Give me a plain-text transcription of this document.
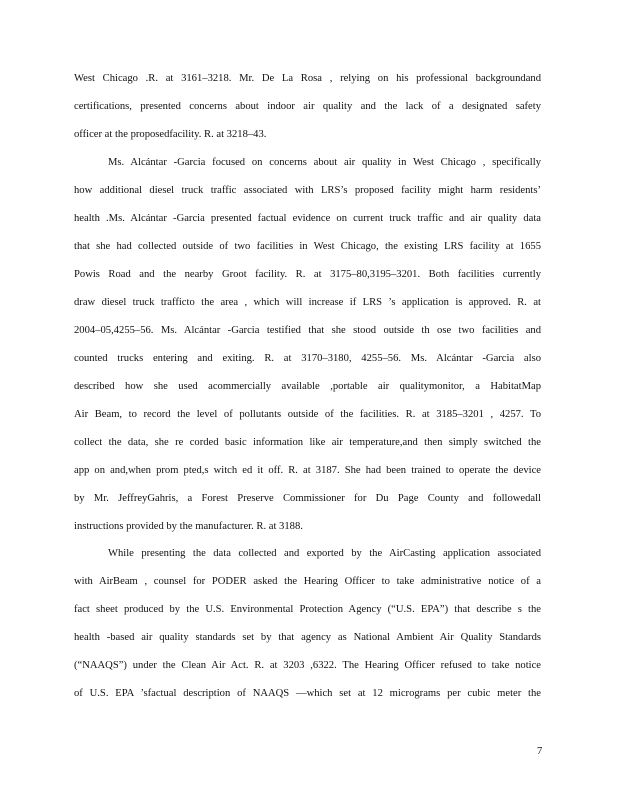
West Chicago .R. at 3161–3218. Mr. De La Rosa , relying on his professional backgroundand
certifications, presented concerns about indoor air quality and the lack of a designated safety
officer at the proposedfacility. R. at 3218–43.
Ms. Alcántar -Garcia focused on concerns about air quality in West Chicago , specifically
how additional diesel truck traffic associated with LRS’s proposed facility might harm residents’
health .Ms. Alcántar -Garcia presented factual evidence on current truck traffic and air quality data
that she had collected outside of two facilities in West Chicago, the existing LRS facility at 1655
Powis Road and the nearby Groot facility. R. at 3175–80,3195–3201. Both facilities currently
draw diesel truck trafficto the area , which will increase if LRS ’s application is approved. R. at
2004–05,4255–56. Ms. Alcántar -Garcia testified that she stood outside th ose two facilities and
counted trucks entering and exiting. R. at 3170–3180, 4255–56. Ms. Alcántar -Garcia also
described how she used acommercially available ,portable air qualitymonitor, a HabitatMap
Air Beam, to record the level of pollutants outside of the facilities. R. at 3185–3201 , 4257. To
collect the data, she re corded basic information like air temperature,and then simply switched the
app on and,when prom pted,s witch ed it off. R. at 3187. She had been trained to operate the device
by Mr. JeffreyGahris, a Forest Preserve Commissioner for Du Page County and followedall
instructions provided by the manufacturer. R. at 3188.
While presenting the data collected and exported by the AirCasting application associated
with AirBeam , counsel for PODER asked the Hearing Officer to take administrative notice of a
fact sheet produced by the U.S. Environmental Protection Agency (“U.S. EPA”) that describe s the
health -based air quality standards set by that agency as National Ambient Air Quality Standards
(“NAAQS”) under the Clean Air Act. R. at 3203 ,6322. The Hearing Officer refused to take notice
of U.S. EPA ’sfactual description of NAAQS —which set at 12 micrograms per cubic meter the
7
